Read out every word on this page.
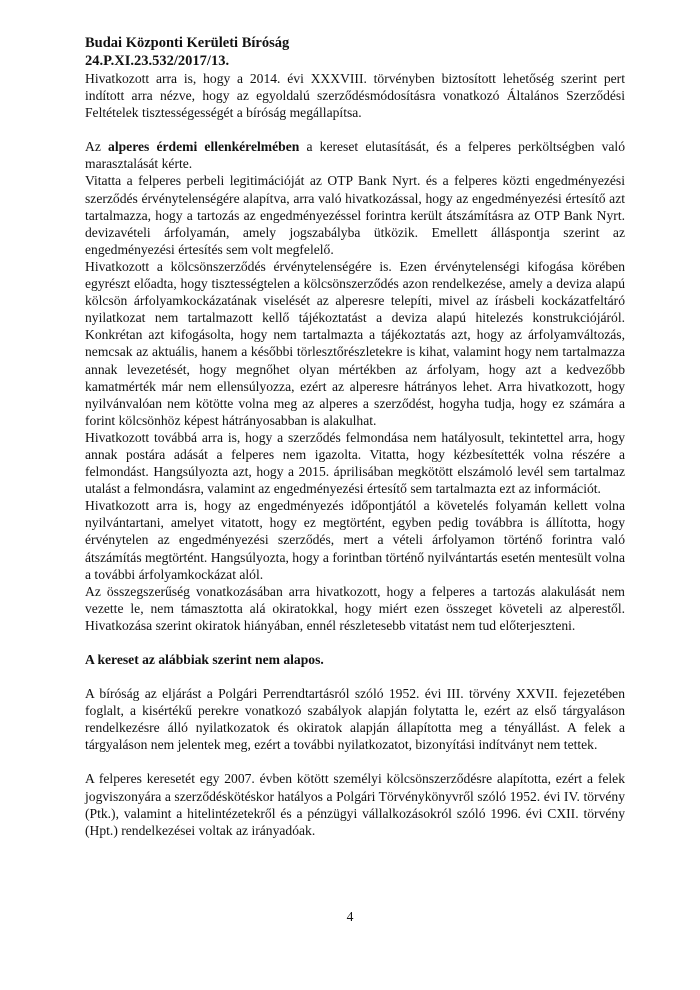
Budai Központi Kerületi Bíróság
24.P.XI.23.532/2017/13.

Hivatkozott arra is, hogy a 2014. évi XXXVIII. törvényben biztosított lehetőség szerint pert indított arra nézve, hogy az egyoldalú szerződésmódosításra vonatkozó Általános Szerződési Feltételek tisztességességét a bíróság megállapítsa.

Az alperes érdemi ellenkérelmében a kereset elutasítását, és a felperes perköltségben való marasztalását kérte.

Vitatta a felperes perbeli legitimációját az OTP Bank Nyrt. és a felperes közti engedményezési szerződés érvénytelenségére alapítva, arra való hivatkozással, hogy az engedményezési értesítő azt tartalmazza, hogy a tartozás az engedményezéssel forintra került átszámításra az OTP Bank Nyrt. devizavételi árfolyamán, amely jogszabályba ütközik. Emellett álláspontja szerint az engedményezési értesítés sem volt megfelelő.

Hivatkozott a kölcsönszerződés érvénytelenségére is. Ezen érvénytelenségi kifogása körében egyrészt előadta, hogy tisztességtelen a kölcsönszerződés azon rendelkezése, amely a deviza alapú kölcsön árfolyamkockázatának viselését az alperesre telepíti, mivel az írásbeli kockázatfeltáró nyilatkozat nem tartalmazott kellő tájékoztatást a deviza alapú hitelezés konstrukciójáról. Konkrétan azt kifogásolta, hogy nem tartalmazta a tájékoztatás azt, hogy az árfolyamváltozás, nemcsak az aktuális, hanem a későbbi törlesztőrészletekre is kihat, valamint hogy nem tartalmazza annak levezetését, hogy megnőhet olyan mértékben az árfolyam, hogy azt a kedvezőbb kamatmérték már nem ellensúlyozza, ezért az alperesre hátrányos lehet. Arra hivatkozott, hogy nyilvánvalóan nem kötötte volna meg az alperes a szerződést, hogyha tudja, hogy ez számára a forint kölcsönhöz képest hátrányosabban is alakulhat.

Hivatkozott továbbá arra is, hogy a szerződés felmondása nem hatályosult, tekintettel arra, hogy annak postára adását a felperes nem igazolta. Vitatta, hogy kézbesítették volna részére a felmondást. Hangsúlyozta azt, hogy a 2015. áprilisában megkötött elszámoló levél sem tartalmaz utalást a felmondásra, valamint az engedményezési értesítő sem tartalmazta ezt az információt.

Hivatkozott arra is, hogy az engedményezés időpontjától a követelés folyamán kellett volna nyilvántartani, amelyet vitatott, hogy ez megtörtént, egyben pedig továbbra is állította, hogy érvénytelen az engedményezési szerződés, mert a vételi árfolyamon történő forintra való átszámítás megtörtént. Hangsúlyozta, hogy a forintban történő nyilvántartás esetén mentesült volna a további árfolyamkockázat alól.

Az összegszerűség vonatkozásában arra hivatkozott, hogy a felperes a tartozás alakulását nem vezette le, nem támasztotta alá okiratokkal, hogy miért ezen összeget követeli az alperestől. Hivatkozása szerint okiratok hiányában, ennél részletesebb vitatást nem tud előterjeszteni.

A kereset az alábbiak szerint nem alapos.

A bíróság az eljárást a Polgári Perrendtartásról szóló 1952. évi III. törvény XXVII. fejezetében foglalt, a kisértékű perekre vonatkozó szabályok alapján folytatta le, ezért az első tárgyaláson rendelkezésre álló nyilatkozatok és okiratok alapján állapította meg a tényállást. A felek a tárgyaláson nem jelentek meg, ezért a további nyilatkozatot, bizonyítási indítványt nem tettek.

A felperes keresetét egy 2007. évben kötött személyi kölcsönszerződésre alapította, ezért a felek jogviszonyára a szerződéskötéskor hatályos a Polgári Törvénykönyvről szóló 1952. évi IV. törvény (Ptk.), valamint a hitelintézetekről és a pénzügyi vállalkozásokról szóló 1996. évi CXII. törvény (Hpt.) rendelkezései voltak az irányadóak.

4
